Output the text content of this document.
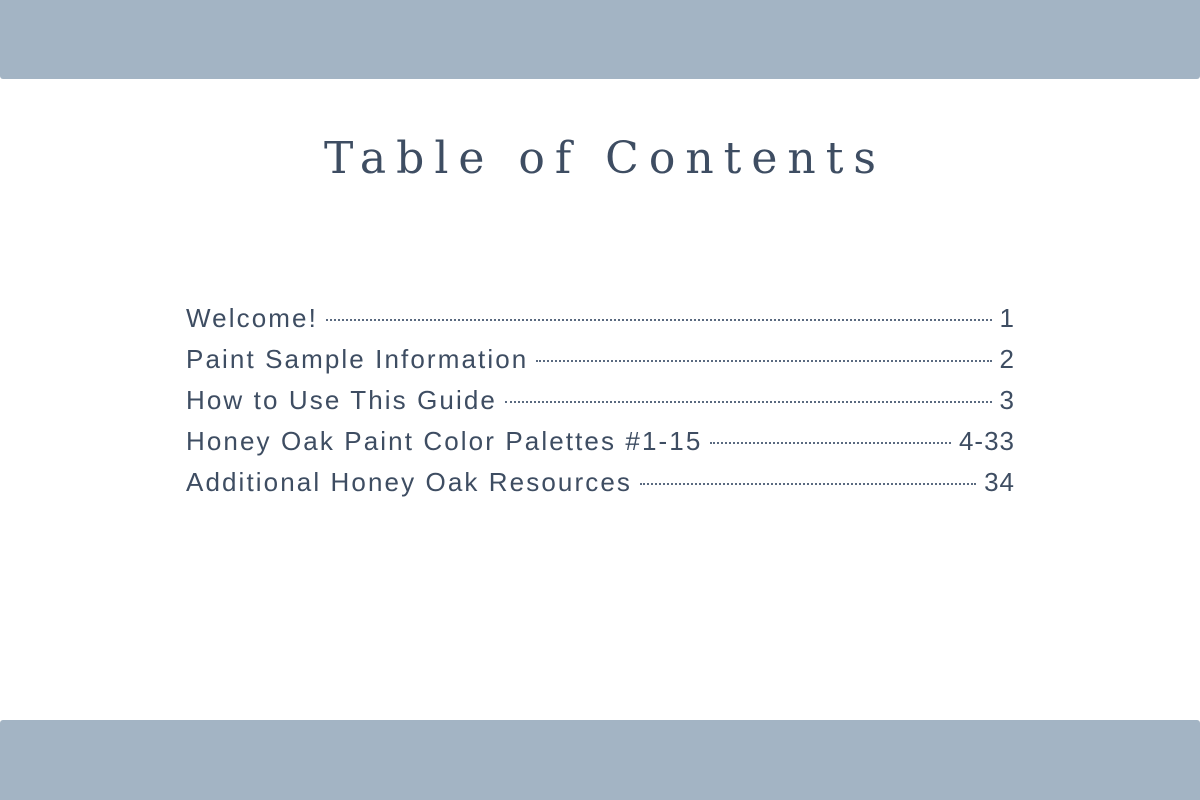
Table of Contents
Welcome!	1
Paint Sample Information	2
How to Use This Guide	3
Honey Oak Paint Color Palettes #1-15	4-33
Additional Honey Oak Resources	34
